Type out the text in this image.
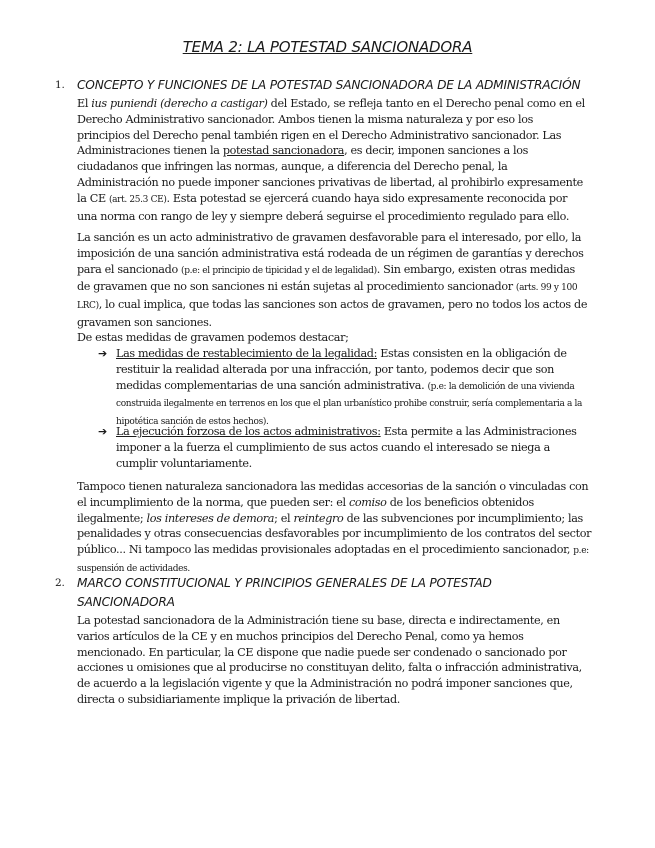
TEMA 2: LA POTESTAD SANCIONADORA
1.	CONCEPTO Y FUNCIONES DE LA POTESTAD SANCIONADORA DE LA ADMINISTRACIÓN

El ius puniendi (derecho a castigar) del Estado, se refleja tanto en el Derecho penal como en el Derecho Administrativo sancionador. Ambos tienen la misma naturaleza y por eso los principios del Derecho penal también rigen en el Derecho Administrativo sancionador. Las Administraciones tienen la potestad sancionadora, es decir, imponen sanciones a los ciudadanos que infringen las normas, aunque, a diferencia del Derecho penal, la Administración no puede imponer sanciones privativas de libertad, al prohibirlo expresamente la CE (art. 25.3 CE). Esta potestad se ejercerá cuando haya sido expresamente reconocida por una norma con rango de ley y siempre deberá seguirse el procedimiento regulado para ello.

La sanción es un acto administrativo de gravamen desfavorable para el interesado, por ello, la imposición de una sanción administrativa está rodeada de un régimen de garantías y derechos para el sancionado (p.e: el principio de tipicidad y el de legalidad). Sin embargo, existen otras medidas de gravamen que no son sanciones ni están sujetas al procedimiento sancionador (arts. 99 y 100 LRC), lo cual implica, que todas las sanciones son actos de gravamen, pero no todos los actos de gravamen son sanciones.

De estas medidas de gravamen podemos destacar;

➔ Las medidas de restablecimiento de la legalidad: Estas consisten en la obligación de restituir la realidad alterada por una infracción, por tanto, podemos decir que son medidas complementarias de una sanción administrativa. (p.e: la demolición de una vivienda construida ilegalmente en terrenos en los que el plan urbanístico prohibe construir, sería complementaria a la hipotética sanción de estos hechos).
➔ La ejecución forzosa de los actos administrativos: Esta permite a las Administraciones imponer a la fuerza el cumplimiento de sus actos cuando el interesado se niega a cumplir voluntariamente.

Tampoco tienen naturaleza sancionadora las medidas accesorias de la sanción o vinculadas con el incumplimiento de la norma, que pueden ser: el comiso de los beneficios obtenidos ilegalmente; los intereses de demora; el reintegro de las subvenciones por incumplimiento; las penalidades y otras consecuencias desfavorables por incumplimiento de los contratos del sector público... Ni tampoco las medidas provisionales adoptadas en el procedimiento sancionador, p.e: suspensión de actividades.

2.	MARCO CONSTITUCIONAL Y PRINCIPIOS GENERALES DE LA POTESTAD SANCIONADORA

La potestad sancionadora de la Administración tiene su base, directa e indirectamente, en varios artículos de la CE y en muchos principios del Derecho Penal, como ya hemos mencionado. En particular, la CE dispone que nadie puede ser condenado o sancionado por acciones u omisiones que al producirse no constituyan delito, falta o infracción administrativa, de acuerdo a la legislación vigente y que la Administración no podrá imponer sanciones que, directa o subsidiariamente implique la privación de libertad.
